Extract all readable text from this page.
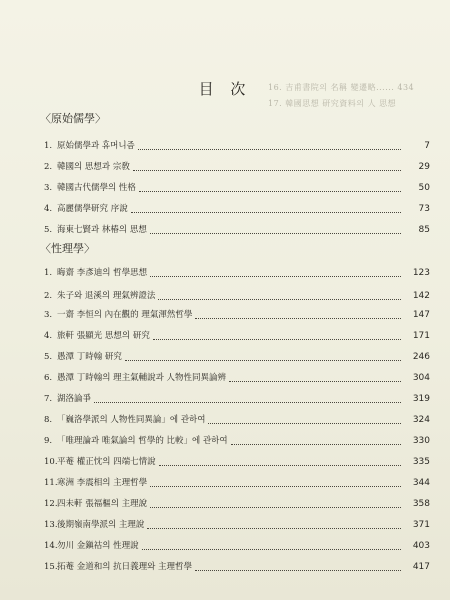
16. 吉甫書院의 名稱 變遷略...... 434
17. 韓國思想 研究資料의 人 思想
目 次
〈原始儒學〉
1. 原始儒學과 휴머니즘	7
2. 韓國의 思想과 宗敎	29
3. 韓國古代儒學의 性格	50
4. 高麗儒學研究 序說	73
5. 海東七賢과 林椿의 思想	85
〈性理學〉
1. 晦齋 李彥迪의 哲學思想	123
2. 朱子와 退溪의 理氣辨證法	142
3. 一齋 李恒의 內在觀的 理氣渾然哲學	147
4. 旅軒 張顯光 思想의 研究	171
5. 愚潭 丁時翰 研究	246
6. 愚潭 丁時翰의 理主氣輔說과 人物性同異論辨	304
7. 湖洛論爭	319
8. 「巍洛學派의 人物性同異論」에 관하여	324
9. 「唯理論과 唯氣論의 哲學的 比較」에 관하여	330
10. 平菴 權正忱의 四端七情說	335
11. 寒洲 李震相의 主理哲學	344
12. 四未軒 張福樞의 主理說	358
13. 後期嶺南學派의 主理說	371
14. 勿川 金鎭祜의 性理說	403
15. 拓菴 金道和의 抗日義理와 主理哲學	417
